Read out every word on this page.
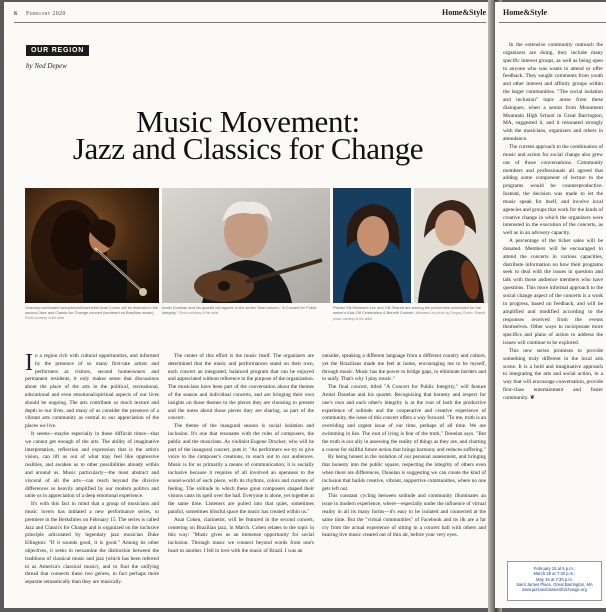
6 February 2020	Home&Style
OUR REGION
by Ned Depew
Music Movement:
Jazz and Classics for Change
Grammy-nominated saxophonist/clarinetist Anat Cohen will be featured in the second Jazz and Classic for Change concert (centered on Brazilian music). Photo courtesy of the artist
Amiel Donelan and his quartet will appear in the series' final concert, "A Concert for Public Integrity." Photo courtesy of the artist
Pianist Gili Melamed-Lev and Gili Sharett are among the performers scheduled for the series's Kick-Off Celebration & Benefit Concert. Melamed-Lev photo by Gregory Cherin. Sharett photo courtesy of the artist
I n a region rich with cultural opportunities, and informed by the presence of so many first-rate artists and performers as visitors, second homeowners and permanent residents, it only makes sense that discussions about the place of the arts in the political, recreational, educational and even emotional/spiritual aspects of our lives should be ongoing. The arts contribute so much texture and depth to our lives, and many of us consider the presence of a vibrant arts community as central to our appreciation of the places we live.

It seems—maybe especially in these difficult times—that we cannot get enough of the arts. The ability of imaginative interpretation, reflection and expression that is the artist's vision, can lift us out of what may feel like oppressive realities, and awaken us to other possibilities already within and around us. Music particularly—the most abstract and visceral of all the arts—can reach beyond the divisive differences so heavily amplified by our modern politics and unite us in appreciation of a deep emotional experience.

It's with this fact in mind that a group of musicians and music lovers has initiated a new performance series, to premiere in the Berkshires on February 15. The series is called Jazz and Classics for Change and is organized on the inclusive principle articulated by legendary jazz musician Duke Ellington: "If it sounds good, it is good." Among its other objectives, it seeks to reexamine the distinction between the traditions of classical music and jazz (which has been referred to as America's classical music), and to find the unifying thread that connects these two genres, in fact perhaps more separate semantically than they are musically.

The center of this effort is the music itself. The organizers are determined that the music and performances stand on their own, each concert an integrated, balanced program that can be enjoyed and appreciated without reference to the purpose of the organization. The musicians have been part of the conversation about the themes of the season and individual concerts, and are bringing their own insights on those themes to the pieces they are choosing to present and the notes about those pieces they are sharing, as part of the concert.

The theme of the inaugural season is social isolation and inclusion. It's one that resonates with the roles of composers, the public and the musicians. As violinist Eugene Drucker, who will be part of the inaugural concert, puts it: "As performers we try to give voice to the composer's creations, to reach out to our audiences. Music is for us primarily a means of communication; it is socially inclusive because it requires of all involved an openness to the sound-world of each piece, with its rhythms, colors and currents of feeling. The solitude in which these great composers shaped their visions casts its spell over the hall. Everyone is alone, yet together at the same time. Listeners are pulled into that quiet, sometimes painful, sometimes blissful space the music has created within us."

Anat Cohen, clarinetist, will be featured in the second concert, centering on Brazilian jazz, in March. Cohen relates to the topic in this way: "Music gives us an immense opportunity for social inclusion. Through music we connect beyond words from one's heart to another. I fell in love with the music of Brazil. I was an

outsider, speaking a different language from a different country and culture, yet the Brazilians made me feel at home, encouraging me to be myself, through music. Music has the power to bridge gaps, to eliminate borders and to unify. That's why I play music."

The final concert, titled "A Concert for Public Integrity," will feature Amiel Donelan and his quartet. Recognizing that honesty and respect for one's own and each other's integrity is at the root of both the productive experience of solitude and the cooperative and creative experience of community, the issue of this concert offers a way forward. "To me, truth is an overriding and urgent issue of our time, perhaps of all time. We are swimming in lies. The root of lying is fear of the truth," Donelan says. "But the truth is our ally in assessing the reality of things as they are, and charting a course for skillful future action that brings harmony and reduces suffering."

By being honest in the isolation of our personal assessment, and bringing that honesty into the public square, respecting the integrity of others even when there are differences, Donelan is suggesting we can create the kind of inclusion that builds creative, vibrant, supportive communities, where no one gets left out.

This constant cycling between solitude and community illuminates an issue in modern experience, where—especially under the influence of virtual reality in all its many forms—it's easy to be isolated and connected at the same time. But the "virtual communities" of Facebook and its ilk are a far cry from the actual experience of sitting in a concert hall with others and hearing live music created out of thin air, before your very eyes.

Home&Style

In the extensive community outreach the organizers are doing, they include many specific interest groups, as well as being open to anyone who was wants to attend or offer feedback. They sought comments from youth and other interest and affinity groups within the larger communities. "The social isolation and inclusion" topic arose from these dialogues, when a senior from Monument Mountain High School in Great Barrington, MA, suggested it, and it resonated strongly with the musicians, organizers and others in attendance.

The current approach to the combination of music and action for social change also grew out of those conversations. Community members and professionals all agreed that adding some component of lecture to the programs would be counterproductive. Instead, the decision was made to let the music speak for itself, and involve local agencies and groups that work for the kinds of creative change in which the organizers were interested in the execution of the concerts, as well as in an advisory capacity.

A percentage of the ticket sales will be donated. Members will be encouraged to attend the concerts in various capacities, distribute information on how their programs seek to deal with the issues in question and talk with those audience members who have questions. This more informal approach to the social change aspect of the concerts is a work in progress, based on feedback, and will be amplified and modified according to the responses received from the events themselves. Other ways to incorporate more specifics and plans of action to address the issues will continue to be explored.

This new series promises to provide something truly different in the local arts scene. It is a bold and imaginative approach to integrating the arts and social action, in a way that will encourage conversation, provide first-class entertainment and foster community. ❦

February 15 at 5 p.m.;
March 28 at 7:30 p.m.;
May 16 at 7:30 p.m.
Saint James Place, Great Barrington, MA
www.jazzandclassicsforchange.org
